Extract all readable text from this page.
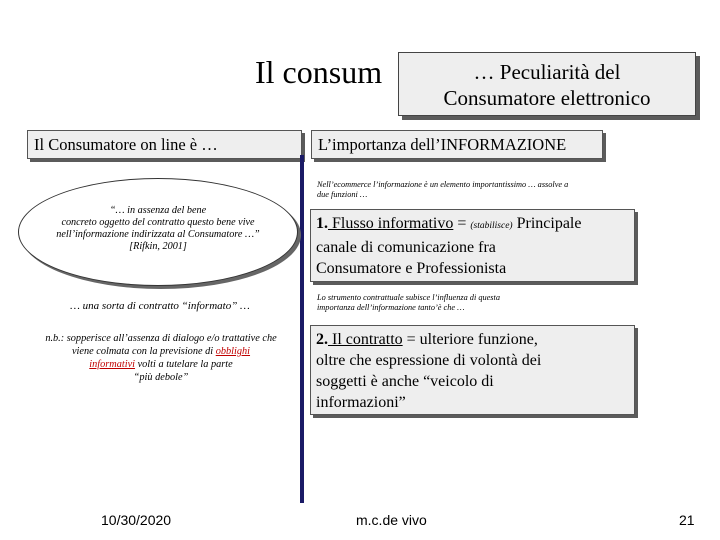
Il consum	… Peculiarità del
Consumatore elettronico
Il Consumatore on line è …	L’importanza dell’INFORMAZIONE
“… in assenza del bene
concreto oggetto del contratto questo bene vive
nell’informazione indirizzata al Consumatore …”
[Rifkin, 2001]
… una sorta di contratto “informato” …
n.b.: sopperisce all’assenza di dialogo e/o trattative che
viene colmata con la previsione di obblighi
informativi volti a tutelare la parte
“più debole”
Nell’ecommerce l’informazione è un elemento importantissimo … assolve a
due funzioni …
1. Flusso informativo = (stabilisce) Principale
canale di comunicazione fra
Consumatore e Professionista
Lo strumento contrattuale subisce l’influenza di questa
importanza dell’informazione tanto’è che …
2. Il contratto = ulteriore funzione,
oltre che espressione di volontà dei
soggetti è anche “veicolo di
informazioni”
10/30/2020	m.c.de vivo	21
